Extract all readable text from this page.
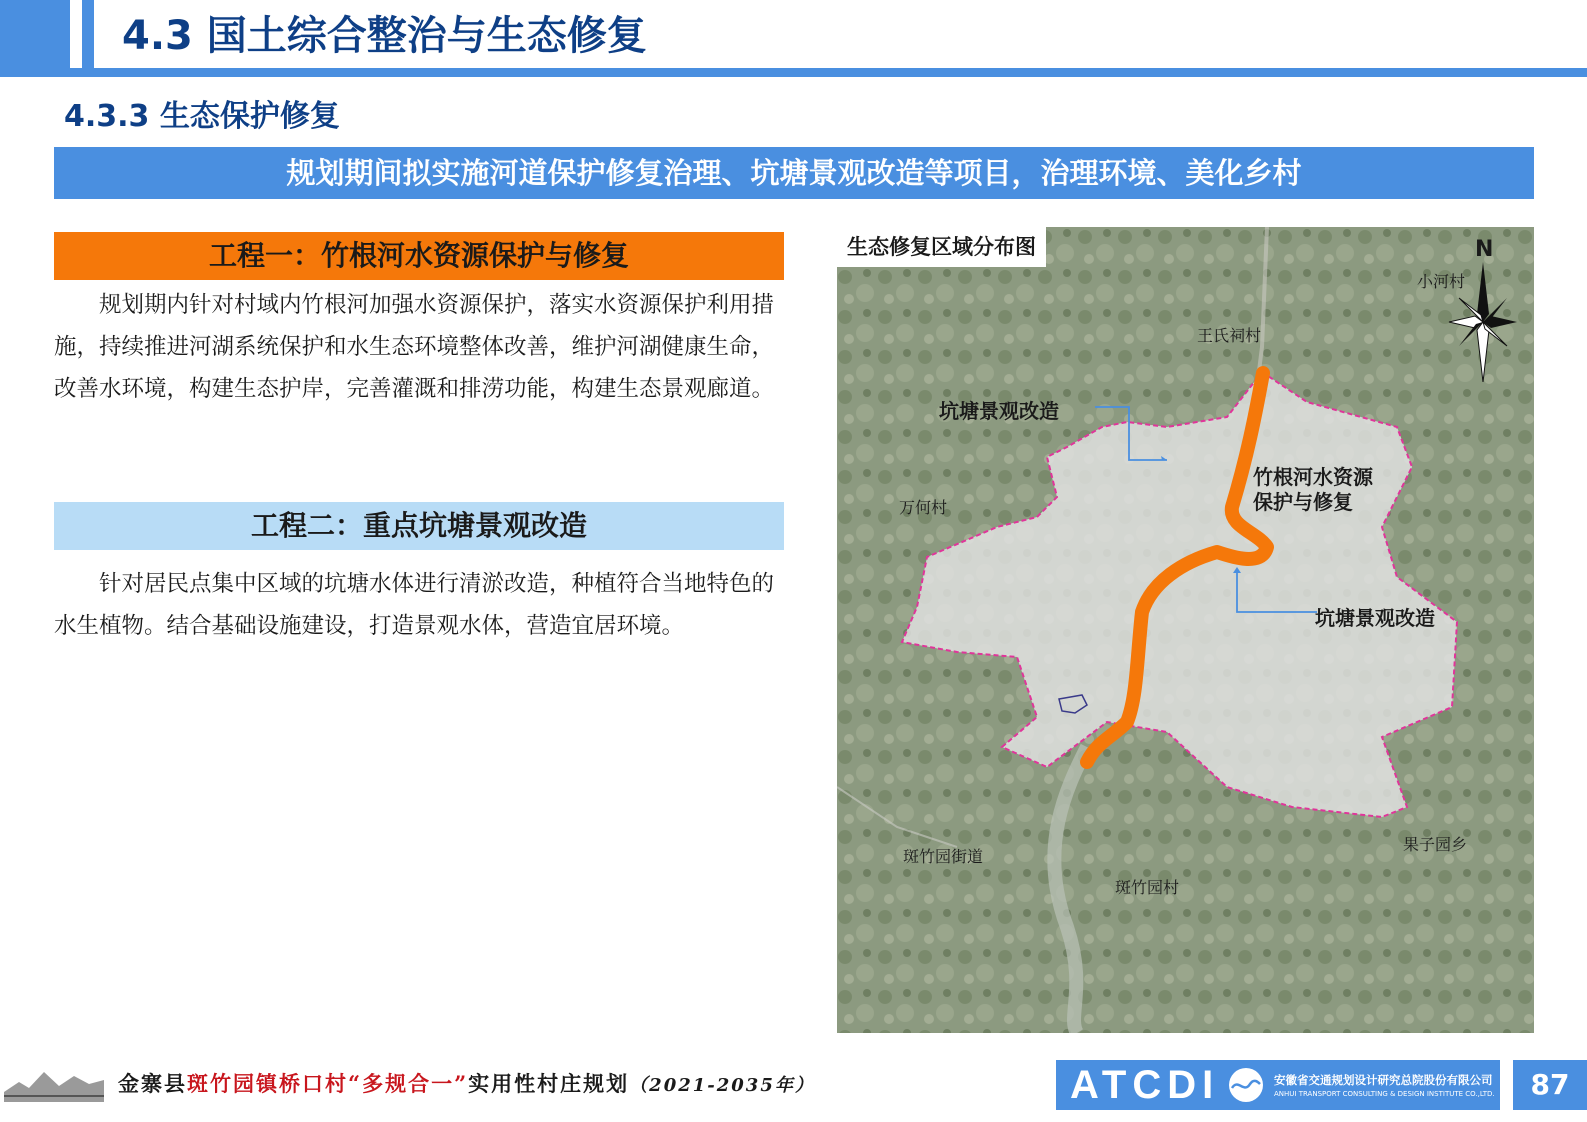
4.3 国土综合整治与生态修复
4.3.3 生态保护修复
规划期间拟实施河道保护修复治理、坑塘景观改造等项目，治理环境、美化乡村
工程一：竹根河水资源保护与修复

规划期内针对村域内竹根河加强水资源保护，落实水资源保护利用措施，持续推进河湖系统保护和水生态环境整体改善，维护河湖健康生命，改善水环境，构建生态护岸，完善灌溉和排涝功能，构建生态景观廊道。

工程二：重点坑塘景观改造

针对居民点集中区域的坑塘水体进行清淤改造，种植符合当地特色的水生植物。结合基础设施建设，打造景观水体，营造宜居环境。

生态修复区域分布图	N
小河村
王氏祠村
万何村
果子园乡
斑竹园街道
斑竹园村
坑塘景观改造
竹根河水资源
保护与修复
坑塘景观改造
金寨县斑竹园镇桥口村“多规合一”实用性村庄规划（2021-2035年）	ATCDI	安徽省交通规划设计研究总院股份有限公司
ANHUI TRANSPORT CONSULTING & DESIGN INSTITUTE CO.,LTD.	87
